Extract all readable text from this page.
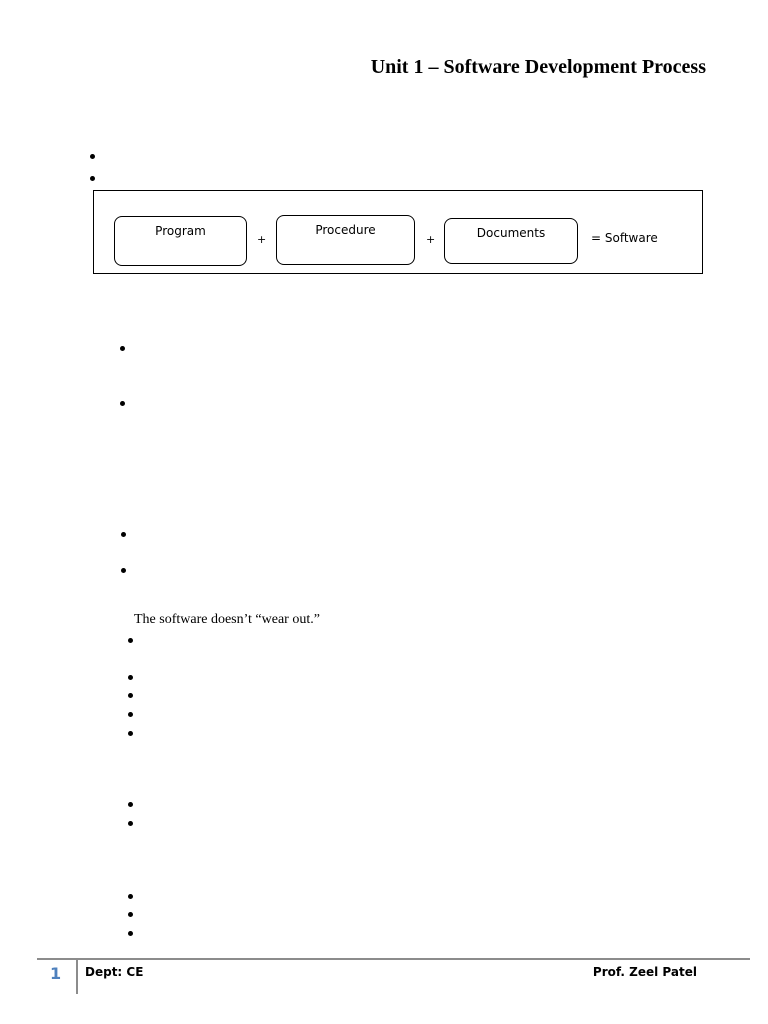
Unit 1 – Software Development Process
Program
+
Procedure
+	Documents	= Software
The software doesn’t “wear out.”
1 Dept: CE	Prof. Zeel Patel
